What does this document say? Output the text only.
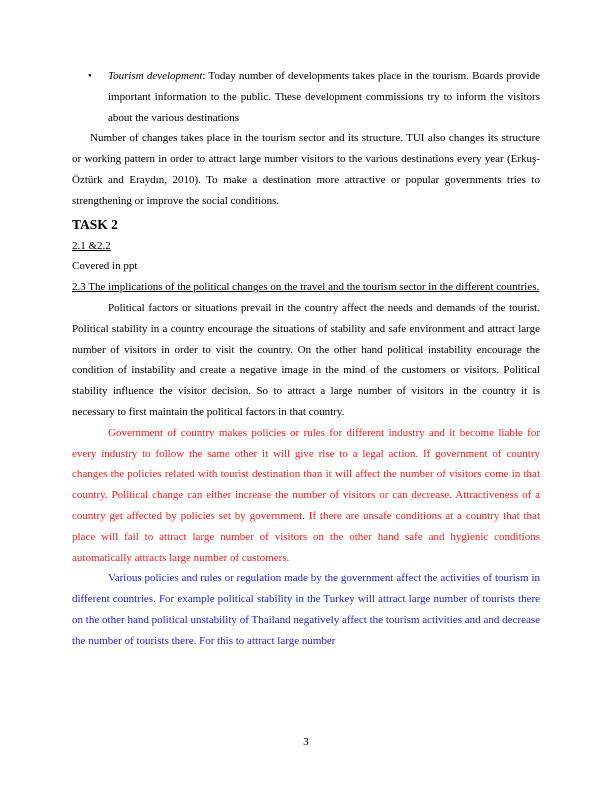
• Tourism development: Today number of developments takes place in the tourism. Boards provide important information to the public. These development commissions try to inform the visitors about the various destinations

Number of changes takes place in the tourism sector and its structure. TUI also changes its structure or working pattern in order to attract large number visitors to the various destinations every year (Erkuş-Öztürk and Eraydın, 2010). To make a destination more attractive or popular governments tries to strengthening or improve the social conditions.

TASK 2

2.1 &2.2

Covered in ppt

2.3 The implications of the political changes on the travel and the tourism sector in the different countries.

Political factors or situations prevail in the country affect the needs and demands of the tourist. Political stability in a country encourage the situations of stability and safe environment and attract large number of visitors in order to visit the country. On the other hand political instability encourage the condition of instability and create a negative image in the mind of the customers or visitors. Political stability influence the visitor decision. So to attract a large number of visitors in the country it is necessary to first maintain the political factors in that country.

Government of country makes policies or rules for different industry and it become liable for every industry to follow the same other it will give rise to a legal action. If government of country changes the policies related with tourist destination than it will affect the number of visitors come in that country. Political change can either increase the number of visitors or can decrease. Attractiveness of a country get affected by policies set by government. If there are unsafe conditions at a country that that place will fail to attract large number of visitors on the other hand safe and hygienic conditions automatically attracts large number of customers.

Various policies and rules or regulation made by the government affect the activities of tourism in different countries. For example political stability in the Turkey will attract large number of tourists there on the other hand political unstability of Thailand negatively affect the tourism activities and and decrease the number of tourists there. For this to attract large number

3
